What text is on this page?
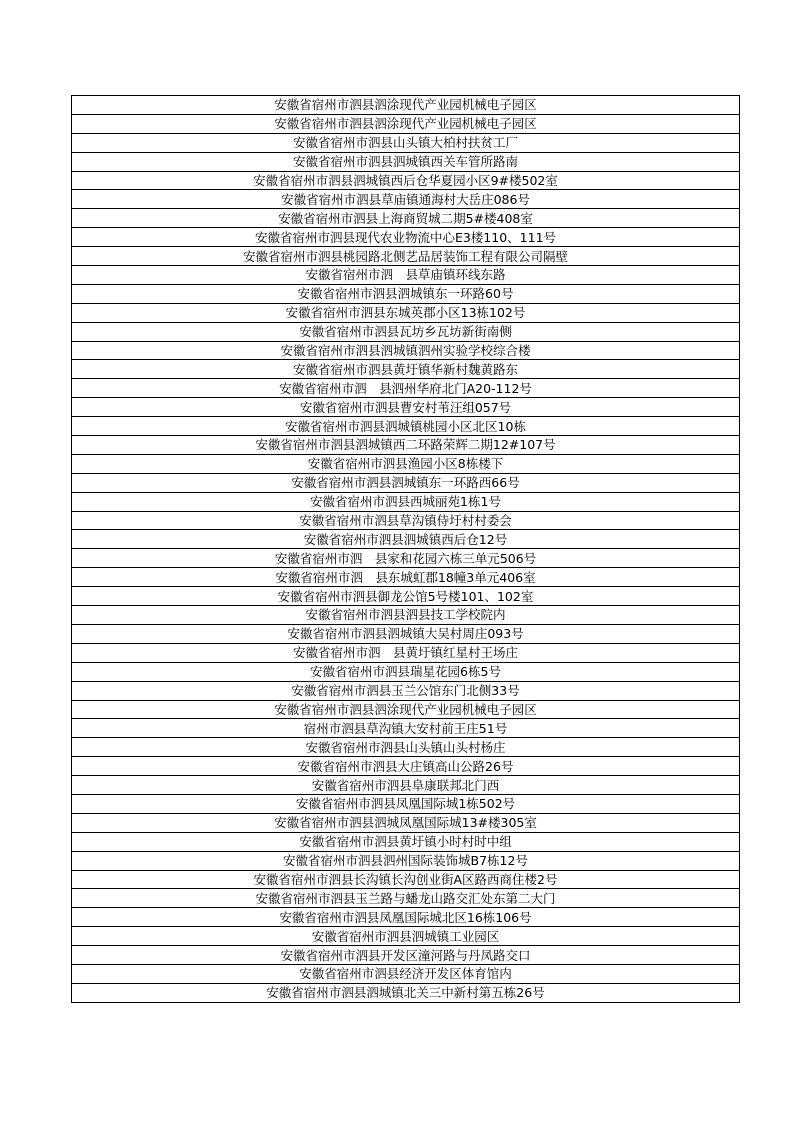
安徽省宿州市泗县泗涂现代产业园机械电子园区
安徽省宿州市泗县泗涂现代产业园机械电子园区
安徽省宿州市泗县山头镇大柏村扶贫工厂
安徽省宿州市泗县泗城镇西关车管所路南
安徽省宿州市泗县泗城镇西后仓华夏园小区9#楼502室
安徽省宿州市泗县草庙镇通海村大岳庄086号
安徽省宿州市泗县上海商贸城二期5#楼408室
安徽省宿州市泗县现代农业物流中心E3楼110、111号
安徽省宿州市泗县桃园路北侧艺品居装饰工程有限公司隔壁
安徽省宿州市泗　县草庙镇环线东路
安徽省宿州市泗县泗城镇东一环路60号
安徽省宿州市泗县东城英郡小区13栋102号
安徽省宿州市泗县瓦坊乡瓦坊新街南侧
安徽省宿州市泗县泗城镇泗州实验学校综合楼
安徽省宿州市泗县黄圩镇华新村魏黄路东
安徽省宿州市泗　县泗州华府北门A20-112号
安徽省宿州市泗县曹安村苇汪组057号
安徽省宿州市泗县泗城镇桃园小区北区10栋
安徽省宿州市泗县泗城镇西二环路荣辉二期12#107号
安徽省宿州市泗县渔园小区8栋楼下
安徽省宿州市泗县泗城镇东一环路西66号
安徽省宿州市泗县西城丽苑1栋1号
安徽省宿州市泗县草沟镇侍圩村村委会
安徽省宿州市泗县泗城镇西后仓12号
安徽省宿州市泗　县家和花园六栋三单元506号
安徽省宿州市泗　县东城虹郡18幢3单元406室
安徽省宿州市泗县御龙公馆5号楼101、102室
安徽省宿州市泗县泗县技工学校院内
安徽省宿州市泗县泗城镇大吴村周庄093号
安徽省宿州市泗　县黄圩镇红星村王场庄
安徽省宿州市泗县瑞星花园6栋5号
安徽省宿州市泗县玉兰公馆东门北侧33号
安徽省宿州市泗县泗涂现代产业园机械电子园区
宿州市泗县草沟镇大安村前王庄51号
安徽省宿州市泗县山头镇山头村杨庄
安徽省宿州市泗县大庄镇高山公路26号
安徽省宿州市泗县阜康联邦北门西
安徽省宿州市泗县凤凰国际城1栋502号
安徽省宿州市泗县泗城凤凰国际城13#楼305室
安徽省宿州市泗县黄圩镇小时村时中组
安徽省宿州市泗县泗州国际装饰城B7栋12号
安徽省宿州市泗县长沟镇长沟创业街A区路西商住楼2号
安徽省宿州市泗县玉兰路与蟠龙山路交汇处东第二大门
安徽省宿州市泗县凤凰国际城北区16栋106号
安徽省宿州市泗县泗城镇工业园区
安徽省宿州市泗县开发区潼河路与丹凤路交口
安徽省宿州市泗县经济开发区体育馆内
安徽省宿州市泗县泗城镇北关三中新村第五栋26号
